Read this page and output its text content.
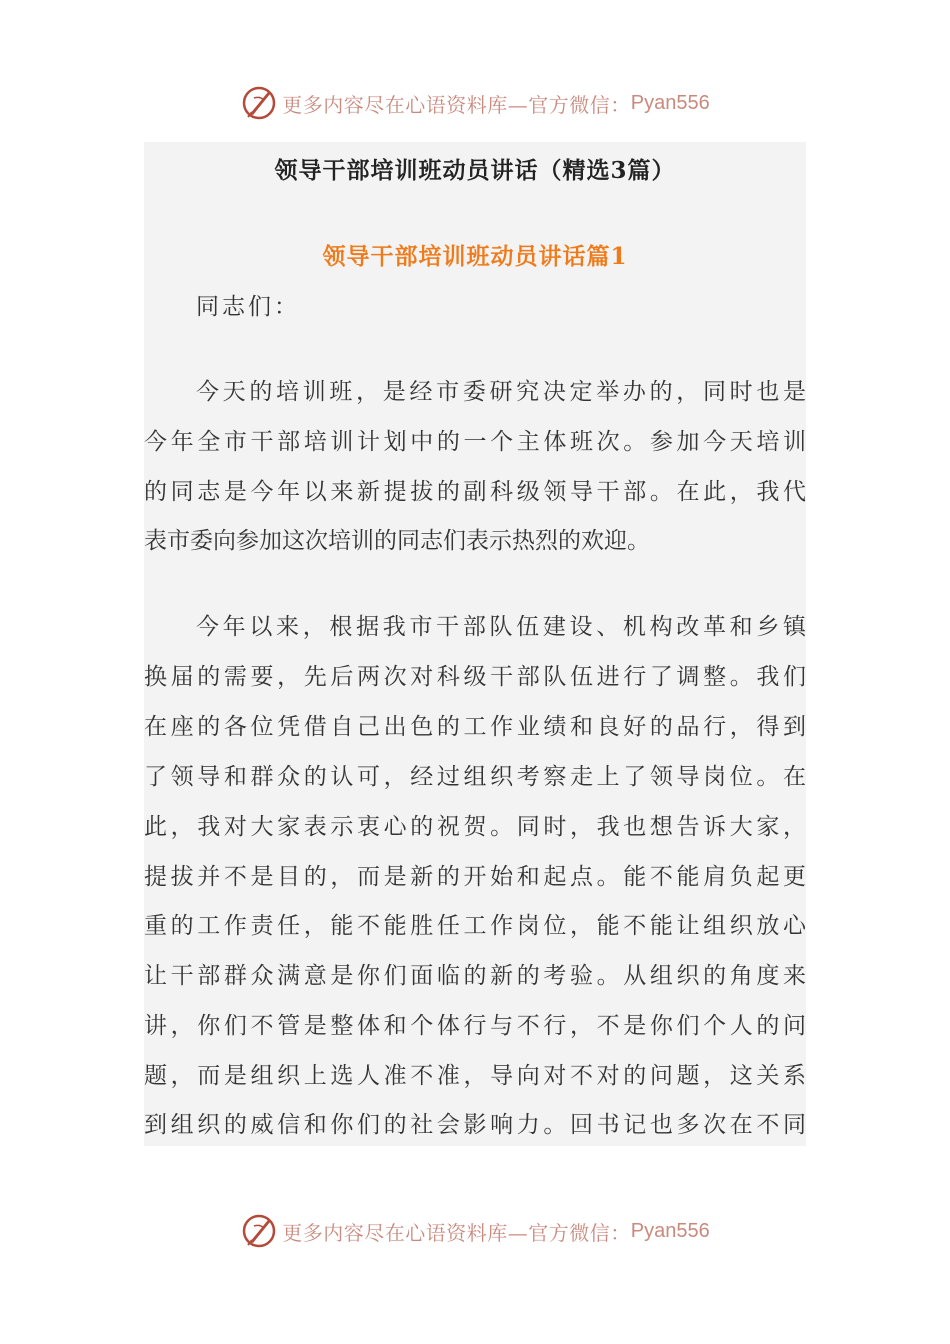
更多内容尽在心语资料库—官方微信： Pyan556
领导干部培训班动员讲话（精选3篇）
领导干部培训班动员讲话篇1
同志们：
今天的培训班，是经市委研究决定举办的，同时也是
今年全市干部培训计划中的一个主体班次。参加今天培训
的同志是今年以来新提拔的副科级领导干部。在此，我代
表市委向参加这次培训的同志们表示热烈的欢迎。
今年以来，根据我市干部队伍建设、机构改革和乡镇
换届的需要，先后两次对科级干部队伍进行了调整。我们
在座的各位凭借自己出色的工作业绩和良好的品行，得到
了领导和群众的认可，经过组织考察走上了领导岗位。在
此，我对大家表示衷心的祝贺。同时，我也想告诉大家，
提拔并不是目的，而是新的开始和起点。能不能肩负起更
重的工作责任，能不能胜任工作岗位，能不能让组织放心
让干部群众满意是你们面临的新的考验。从组织的角度来
讲，你们不管是整体和个体行与不行，不是你们个人的问
题，而是组织上选人准不准，导向对不对的问题，这关系
到组织的威信和你们的社会影响力。回书记也多次在不同
更多内容尽在心语资料库—官方微信： Pyan556
